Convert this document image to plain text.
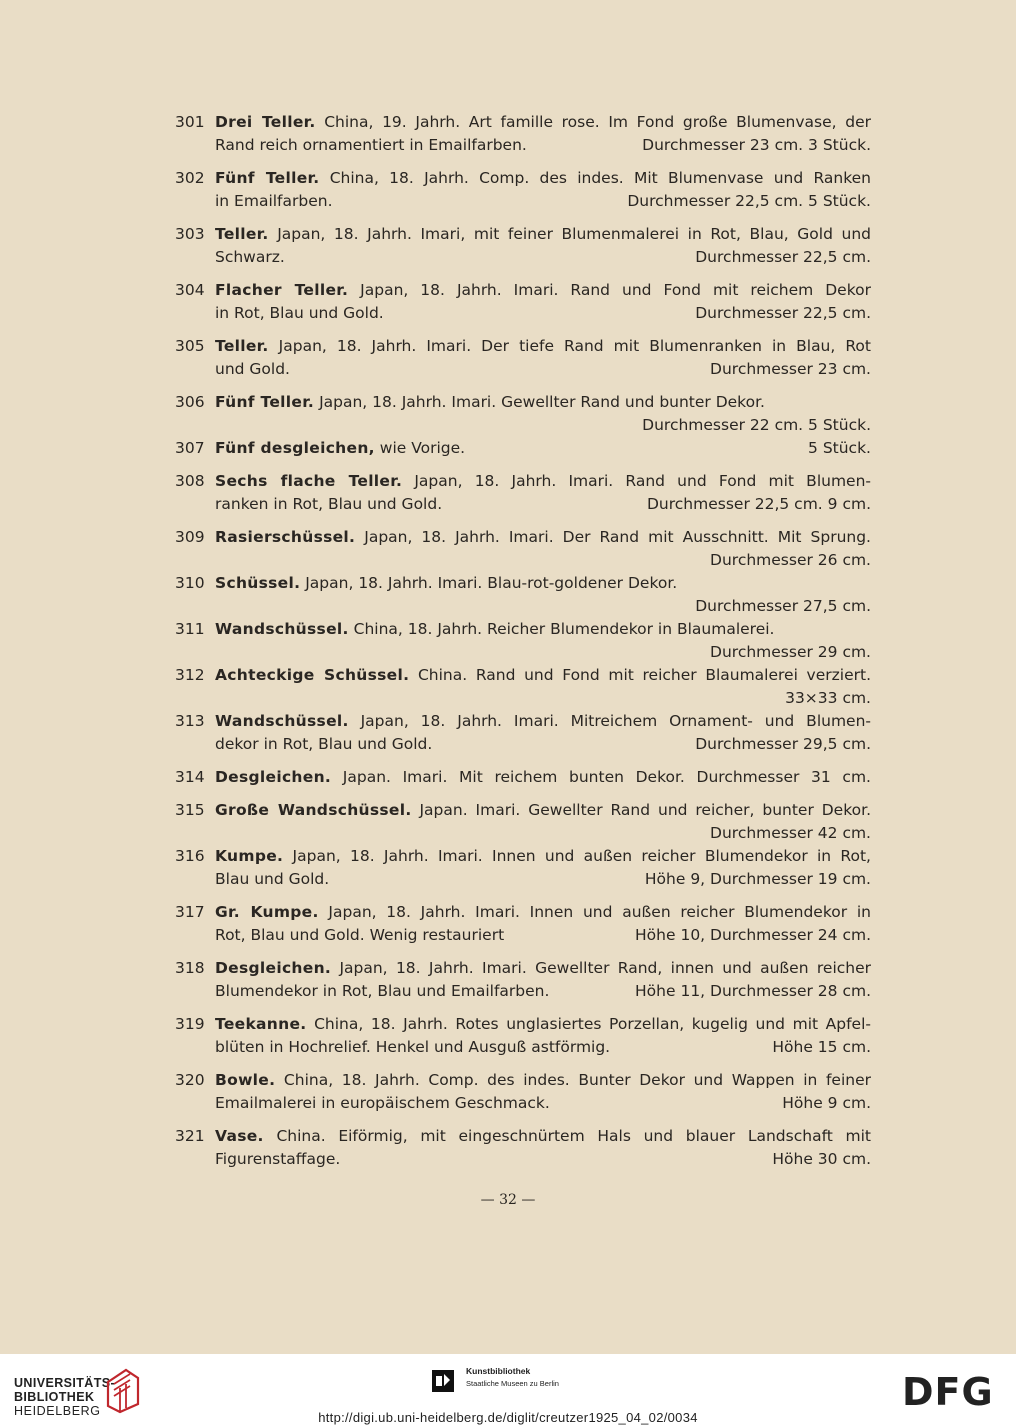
301 Drei Teller. China, 19. Jahrh. Art famille rose. Im Fond große Blumenvase, der
Rand reich ornamentiert in Emailfarben.	Durchmesser 23 cm. 3 Stück.
302 Fünf Teller. China, 18. Jahrh. Comp. des indes. Mit Blumenvase und Ranken
in Emailfarben.	Durchmesser 22,5 cm. 5 Stück.
303 Teller. Japan, 18. Jahrh. Imari, mit feiner Blumenmalerei in Rot, Blau, Gold und
Schwarz.	Durchmesser 22,5 cm.
304 Flacher Teller. Japan, 18. Jahrh. Imari. Rand und Fond mit reichem Dekor
in Rot, Blau und Gold.	Durchmesser 22,5 cm.
305 Teller. Japan, 18. Jahrh. Imari. Der tiefe Rand mit Blumenranken in Blau, Rot
und Gold.	Durchmesser 23 cm.
306 Fünf Teller. Japan, 18. Jahrh. Imari. Gewellter Rand und bunter Dekor.
Durchmesser 22 cm. 5 Stück.
307 Fünf desgleichen, wie Vorige.	5 Stück.
308 Sechs flache Teller. Japan, 18. Jahrh. Imari. Rand und Fond mit Blumen-
ranken in Rot, Blau und Gold.	Durchmesser 22,5 cm. 9 cm.
309 Rasierschüssel. Japan, 18. Jahrh. Imari. Der Rand mit Ausschnitt. Mit Sprung.
Durchmesser 26 cm.
310 Schüssel. Japan, 18. Jahrh. Imari. Blau-rot-goldener Dekor.
Durchmesser 27,5 cm.
311 Wandschüssel. China, 18. Jahrh. Reicher Blumendekor in Blaumalerei.
Durchmesser 29 cm.
312 Achteckige Schüssel. China. Rand und Fond mit reicher Blaumalerei verziert.
33×33 cm.
313 Wandschüssel. Japan, 18. Jahrh. Imari. Mitreichem Ornament- und Blumen-
dekor in Rot, Blau und Gold.	Durchmesser 29,5 cm.
314 Desgleichen. Japan. Imari. Mit reichem bunten Dekor. Durchmesser 31 cm.
315 Große Wandschüssel. Japan. Imari. Gewellter Rand und reicher, bunter Dekor.
Durchmesser 42 cm.
316 Kumpe. Japan, 18. Jahrh. Imari. Innen und außen reicher Blumendekor in Rot,
Blau und Gold.	Höhe 9, Durchmesser 19 cm.
317 Gr. Kumpe. Japan, 18. Jahrh. Imari. Innen und außen reicher Blumendekor in
Rot, Blau und Gold. Wenig restauriert	Höhe 10, Durchmesser 24 cm.
318 Desgleichen. Japan, 18. Jahrh. Imari. Gewellter Rand, innen und außen reicher
Blumendekor in Rot, Blau und Emailfarben.	Höhe 11, Durchmesser 28 cm.
319 Teekanne. China, 18. Jahrh. Rotes unglasiertes Porzellan, kugelig und mit Apfel-
blüten in Hochrelief. Henkel und Ausguß astförmig.	Höhe 15 cm.
320 Bowle. China, 18. Jahrh. Comp. des indes. Bunter Dekor und Wappen in feiner
Emailmalerei in europäischem Geschmack.	Höhe 9 cm.
321 Vase. China. Eiförmig, mit eingeschnürtem Hals und blauer Landschaft mit
Figurenstaffage.	Höhe 30 cm.
— 32 —
UNIVERSITÄTS-
BIBLIOTHEK
HEIDELBERG
Kunstbibliothek
Staatliche Museen zu Berlin	DFG
http://digi.ub.uni-heidelberg.de/diglit/creutzer1925_04_02/0034
